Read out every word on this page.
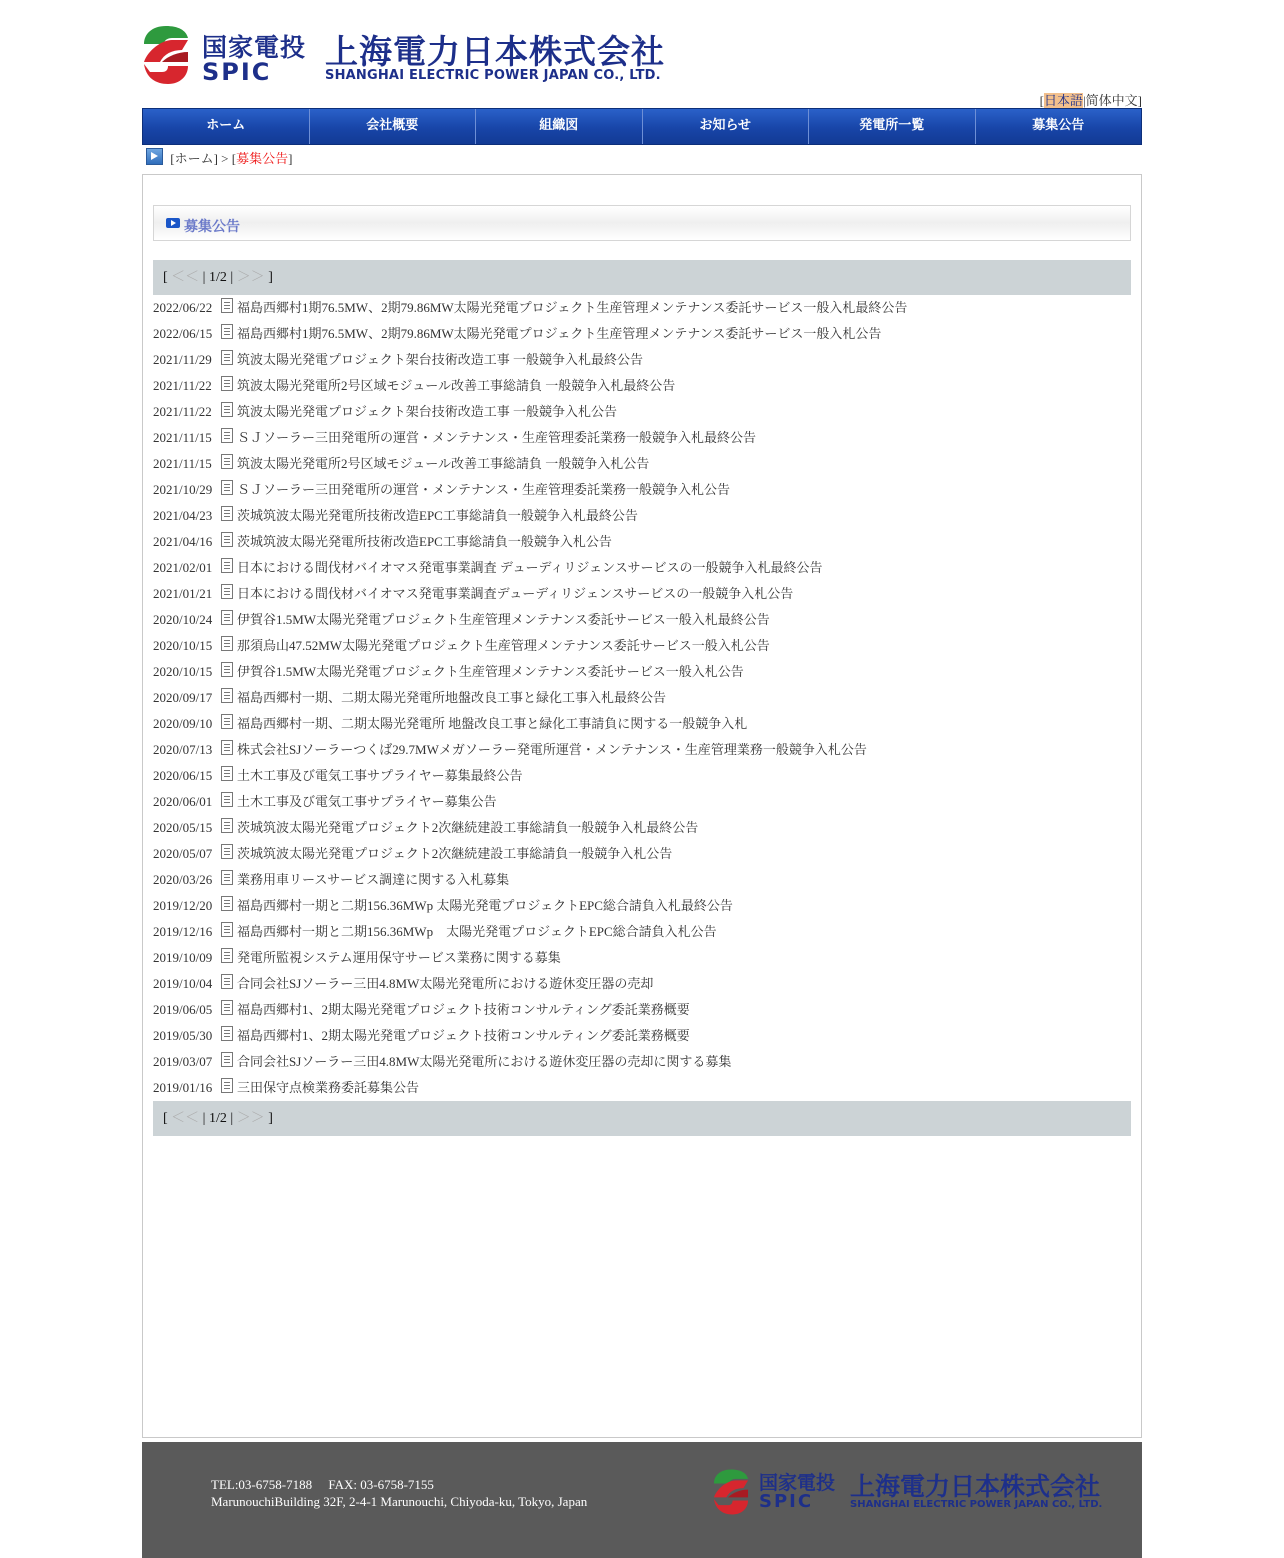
国家電投
SPIC
上海電力日本株式会社
SHANGHAI ELECTRIC POWER JAPAN CO., LTD.
[日本語|简体中文]
ホーム	会社概要	組織図	お知らせ	発電所一覧	募集公告
[ホーム] > [募集公告]
募集公告
[ ＜＜ | 1/2 | ＞＞ ]
2022/06/22 福島西郷村1期76.5MW、2期79.86MW太陽光発電プロジェクト生産管理メンテナンス委託サービス一般入札最終公告
2022/06/15 福島西郷村1期76.5MW、2期79.86MW太陽光発電プロジェクト生産管理メンテナンス委託サービス一般入札公告
2021/11/29 筑波太陽光発電プロジェクト架台技術改造工事 一般競争入札最終公告
2021/11/22 筑波太陽光発電所2号区域モジュール改善工事総請負 一般競争入札最終公告
2021/11/22 筑波太陽光発電プロジェクト架台技術改造工事 一般競争入札公告
2021/11/15 ＳＪソーラー三田発電所の運営・メンテナンス・生産管理委託業務一般競争入札最終公告
2021/11/15 筑波太陽光発電所2号区域モジュール改善工事総請負 一般競争入札公告
2021/10/29 ＳＪソーラー三田発電所の運営・メンテナンス・生産管理委託業務一般競争入札公告
2021/04/23 茨城筑波太陽光発電所技術改造EPC工事総請負一般競争入札最終公告
2021/04/16 茨城筑波太陽光発電所技術改造EPC工事総請負一般競争入札公告
2021/02/01 日本における間伐材バイオマス発電事業調査 デューディリジェンスサービスの一般競争入札最終公告
2021/01/21 日本における間伐材バイオマス発電事業調査デューディリジェンスサービスの一般競争入札公告
2020/10/24 伊賀谷1.5MW太陽光発電プロジェクト生産管理メンテナンス委託サービス一般入札最終公告
2020/10/15 那須烏山47.52MW太陽光発電プロジェクト生産管理メンテナンス委託サービス一般入札公告
2020/10/15 伊賀谷1.5MW太陽光発電プロジェクト生産管理メンテナンス委託サービス一般入札公告
2020/09/17 福島西郷村一期、二期太陽光発電所地盤改良工事と緑化工事入札最終公告
2020/09/10 福島西郷村一期、二期太陽光発電所 地盤改良工事と緑化工事請負に関する一般競争入札
2020/07/13 株式会社SJソーラーつくば29.7MWメガソーラー発電所運営・メンテナンス・生産管理業務一般競争入札公告
2020/06/15 土木工事及び電気工事サプライヤー募集最終公告
2020/06/01 土木工事及び電気工事サプライヤー募集公告
2020/05/15 茨城筑波太陽光発電プロジェクト2次継続建設工事総請負一般競争入札最終公告
2020/05/07 茨城筑波太陽光発電プロジェクト2次継続建設工事総請負一般競争入札公告
2020/03/26 業務用車リースサービス調達に関する入札募集
2019/12/20 福島西郷村一期と二期156.36MWp 太陽光発電プロジェクトEPC総合請負入札最終公告
2019/12/16 福島西郷村一期と二期156.36MWp　太陽光発電プロジェクトEPC総合請負入札公告
2019/10/09 発電所監視システム運用保守サービス業務に関する募集
2019/10/04 合同会社SJソーラー三田4.8MW太陽光発電所における遊休変圧器の売却
2019/06/05 福島西郷村1、2期太陽光発電プロジェクト技術コンサルティング委託業務概要
2019/05/30 福島西郷村1、2期太陽光発電プロジェクト技術コンサルティング委託業務概要
2019/03/07 合同会社SJソーラー三田4.8MW太陽光発電所における遊休変圧器の売却に関する募集
2019/01/16 三田保守点検業務委託募集公告
[ ＜＜ | 1/2 | ＞＞ ]
TEL:03-6758-7188　 FAX: 03-6758-7155
MarunouchiBuilding 32F, 2-4-1 Marunouchi, Chiyoda-ku, Tokyo, Japan
国家電投
SPIC
上海電力日本株式会社
SHANGHAI ELECTRIC POWER JAPAN CO., LTD.
